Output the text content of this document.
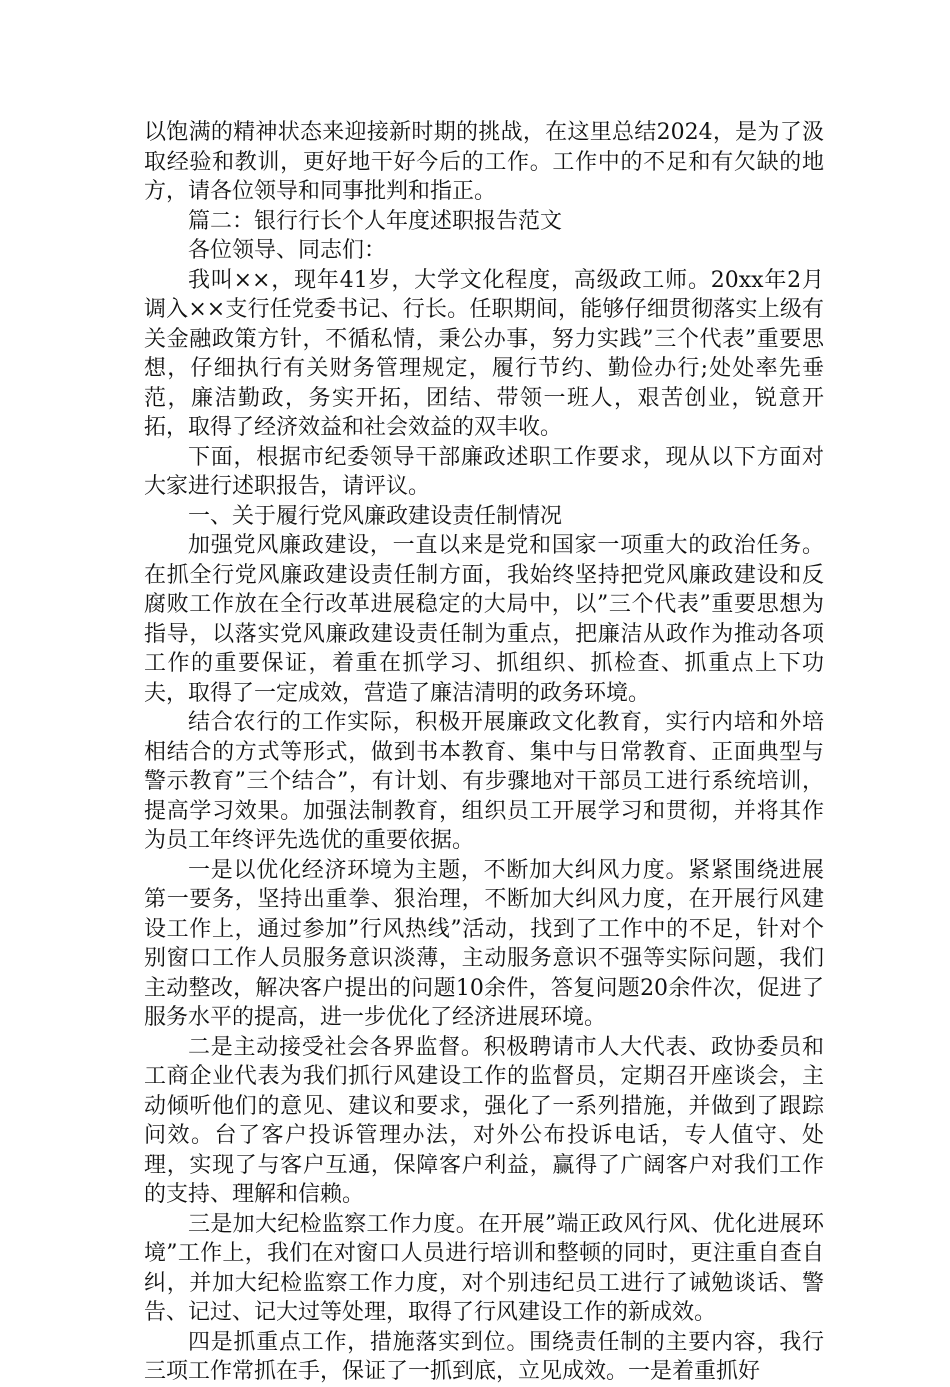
以饱满的精神状态来迎接新时期的挑战，在这里总结2024，是为了汲取经验和教训，更好地干好今后的工作。工作中的不足和有欠缺的地方，请各位领导和同事批判和指正。

篇二：银行行长个人年度述职报告范文

各位领导、同志们：

我叫××，现年41岁，大学文化程度，高级政工师。20xx年2月调入××支行任党委书记、行长。任职期间，能够仔细贯彻落实上级有关金融政策方针，不循私情，秉公办事，努力实践”三个代表”重要思想，仔细执行有关财务管理规定，履行节约、勤俭办行;处处率先垂范，廉洁勤政，务实开拓，团结、带领一班人，艰苦创业，锐意开拓，取得了经济效益和社会效益的双丰收。

下面，根据市纪委领导干部廉政述职工作要求，现从以下方面对大家进行述职报告，请评议。

一、关于履行党风廉政建设责任制情况

加强党风廉政建设，一直以来是党和国家一项重大的政治任务。在抓全行党风廉政建设责任制方面，我始终坚持把党风廉政建设和反腐败工作放在全行改革进展稳定的大局中，以”三个代表”重要思想为指导，以落实党风廉政建设责任制为重点，把廉洁从政作为推动各项工作的重要保证，着重在抓学习、抓组织、抓检查、抓重点上下功夫，取得了一定成效，营造了廉洁清明的政务环境。

结合农行的工作实际，积极开展廉政文化教育，实行内培和外培相结合的方式等形式，做到书本教育、集中与日常教育、正面典型与警示教育”三个结合”，有计划、有步骤地对干部员工进行系统培训，提高学习效果。加强法制教育，组织员工开展学习和贯彻，并将其作为员工年终评先选优的重要依据。

一是以优化经济环境为主题，不断加大纠风力度。紧紧围绕进展第一要务，坚持出重拳、狠治理，不断加大纠风力度，在开展行风建设工作上，通过参加”行风热线”活动，找到了工作中的不足，针对个别窗口工作人员服务意识淡薄，主动服务意识不强等实际问题，我们主动整改，解决客户提出的问题10余件，答复问题20余件次，促进了服务水平的提高，进一步优化了经济进展环境。

二是主动接受社会各界监督。积极聘请市人大代表、政协委员和工商企业代表为我们抓行风建设工作的监督员，定期召开座谈会，主动倾听他们的意见、建议和要求，强化了一系列措施，并做到了跟踪问效。台了客户投诉管理办法，对外公布投诉电话，专人值守、处理，实现了与客户互通，保障客户利益，赢得了广阔客户对我们工作的支持、理解和信赖。

三是加大纪检监察工作力度。在开展”端正政风行风、优化进展环境”工作上，我们在对窗口人员进行培训和整顿的同时，更注重自查自纠，并加大纪检监察工作力度，对个别违纪员工进行了诫勉谈话、警告、记过、记大过等处理，取得了行风建设工作的新成效。

四是抓重点工作，措施落实到位。围绕责任制的主要内容，我行三项工作常抓在手，保证了一抓到底，立见成效。一是着重抓好
